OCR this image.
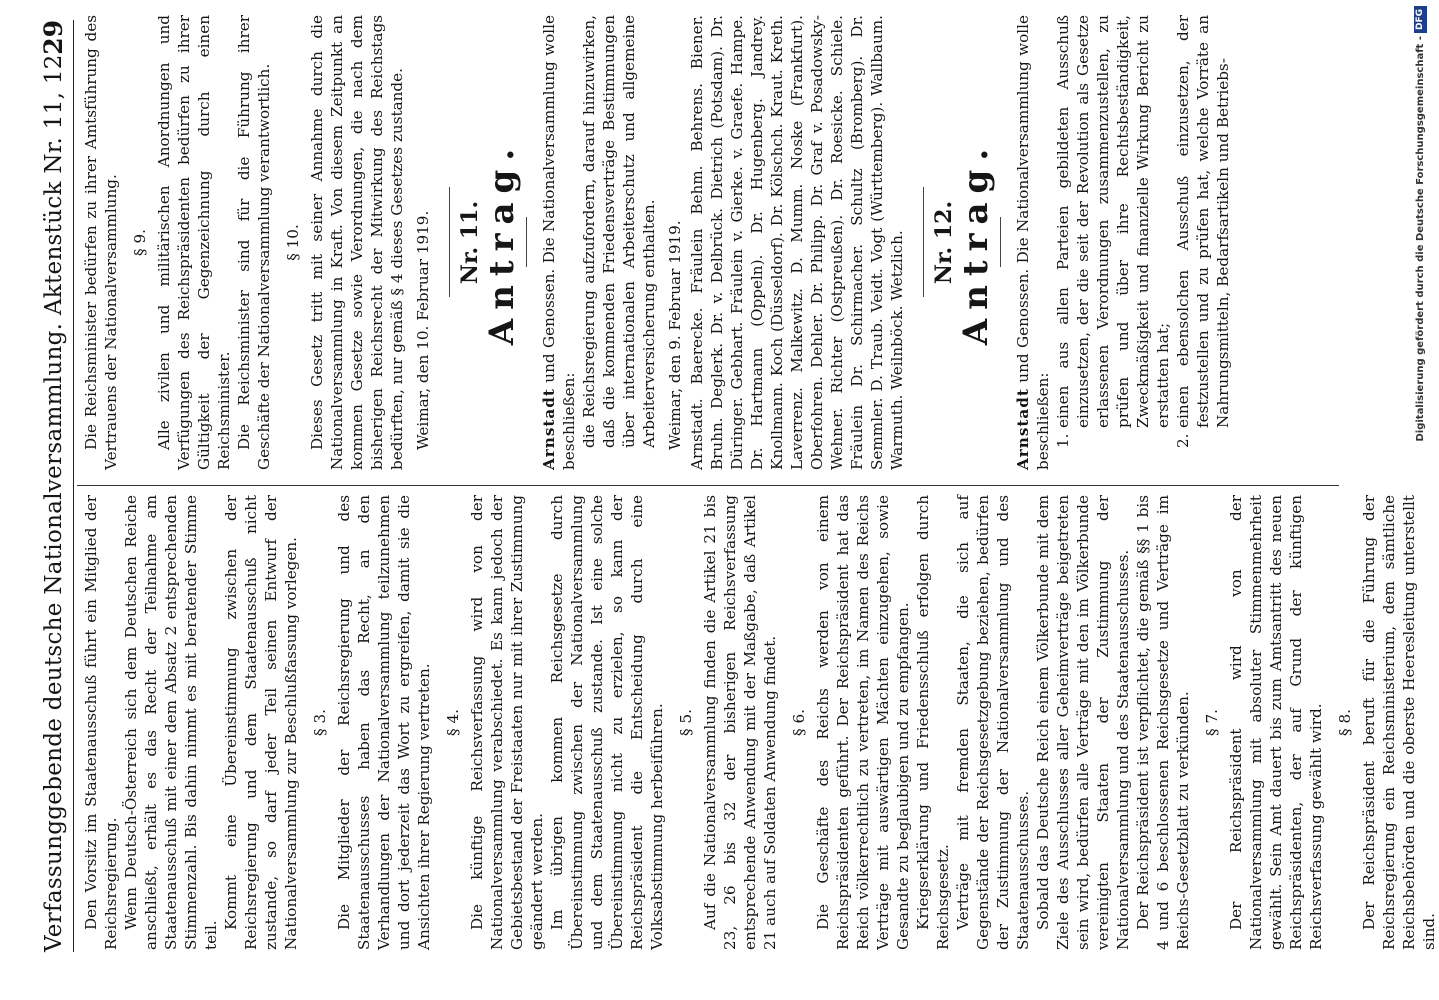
Verfassunggebende deutsche Nationalversammlung. Aktenstück Nr. 11, 12.
29

Den Vorsitz im Staatenausschuß führt ein Mitglied der Reichsregierung. Wenn Deutsch-Österreich sich dem Deutschen Reiche anschließt, erhält es das Recht der Teilnahme am Staatenausschuß mit einer dem Absatz 2 entsprechenden Stimmenzahl. Bis dahin nimmt es mit beratender Stimme teil.

Kommt eine Übereinstimmung zwischen der Reichsregierung und dem Staatenausschuß nicht zustande, so darf jeder Teil seinen Entwurf der Nationalversammlung zur Beschlußfassung vorlegen. § 3. Die Mitglieder der Reichsregierung und des Staatenausschusses haben das Recht, an den Verhandlungen der Nationalversammlung teilzunehmen und dort jederzeit das Wort zu ergreifen, damit sie die Ansichten ihrer Regierung vertreten. § 4. Die künftige Reichsverfassung wird von der Nationalversammlung verabschiedet. Es kann jedoch der Gebietsbestand der Freistaaten nur mit ihrer Zustimmung geändert werden. Im übrigen kommen Reichsgesetze durch Übereinstimmung zwischen der Nationalversammlung und dem Staatenausschuß zustande. Ist eine solche Übereinstimmung nicht zu erzielen, so kann der Reichspräsident die Entscheidung durch eine Volksabstimmung herbeiführen. § 5. Auf die Nationalversammlung finden die Artikel 21 bis 23, 26 bis 32 der bisherigen Reichsverfassung entsprechende Anwendung mit der Maßgabe, daß Artikel 21 auch auf Soldaten Anwendung findet. § 6. Die Geschäfte des Reichs werden von einem Reichspräsidenten geführt. Der Reichspräsident hat das Reich völkerrechtlich zu vertreten, im Namen des Reichs Verträge mit auswärtigen Mächten einzugehen, sowie Gesandte zu beglaubigen und zu empfangen. Kriegserklärung und Friedensschluß erfolgen durch Reichsgesetz. Verträge mit fremden Staaten, die sich auf Gegenstände der Reichsgesetzgebung beziehen, bedürfen der Zustimmung der Nationalversammlung und des Staatenausschusses. Sobald das Deutsche Reich einem Völkerbunde mit dem Ziele des Ausschlusses aller Geheimverträge beigetreten sein wird, bedürfen alle Verträge mit den im Völkerbunde vereinigten Staaten der Zustimmung der Nationalversammlung und des Staatenausschusses. Der Reichspräsident ist verpflichtet, die gemäß §§ 1 bis 4 und 6 beschlossenen Reichsgesetze und Verträge im Reichs-Gesetzblatt zu verkünden. § 7. Der Reichspräsident wird von der Nationalversammlung mit absoluter Stimmenmehrheit gewählt. Sein Amt dauert bis zum Amtsantritt des neuen Reichspräsidenten, der auf Grund der künftigen Reichsverfassung gewählt wird. § 8. Der Reichspräsident beruft für die Führung der Reichsregierung ein Reichsministerium, dem sämtliche Reichsbehörden und die oberste Heeresleitung unterstellt sind.

Die Reichsminister bedürfen zu ihrer Amtsführung des Vertrauens der Nationalversammlung. § 9. Alle zivilen und militärischen Anordnungen und Verfügungen des Reichspräsidenten bedürfen zu ihrer Gültigkeit der Gegenzeichnung durch einen Reichsminister. Die Reichsminister sind für die Führung ihrer Geschäfte der Nationalversammlung verantwortlich. § 10. Dieses Gesetz tritt mit seiner Annahme durch die Nationalversammlung in Kraft. Von diesem Zeitpunkt an kommen Gesetze sowie Verordnungen, die nach dem bisherigen Reichsrecht der Mitwirkung des Reichstags bedürften, nur gemäß § 4 dieses Gesetzes zustande. Weimar, den 10. Februar 1919. Nr. 11. Antrag.

Arnstadt und Genossen. Die Nationalversammlung wolle beschließen: die Reichsregierung aufzufordern, darauf hinzuwirken, daß die kommenden Friedensverträge Bestimmungen über internationalen Arbeiterschutz und allgemeine Arbeiterversicherung enthalten. Weimar, den 9. Februar 1919. Arnstadt. Baerecke. Fräulein Behm. Behrens. Biener. Bruhn. Deglerk. Dr. v. Delbrück. Dietrich (Potsdam). Dr. Düringer. Gebhart. Fräulein v. Gierke. v. Graefe. Hampe. Dr. Hartmann (Oppeln). Dr. Hugenberg. Jandrey. Knollmann. Koch (Düsseldorf). Dr. Kölschch. Kraut. Kreth. Laverrenz. Malkewitz. D. Mumm. Noske (Frankfurt). Oberfohren. Dehler. Dr. Philipp. Dr. Graf v. Posadowsky-Wehner. Richter (Ostpreußen). Dr. Roesicke. Schiele. Fräulein Dr. Schirmacher. Schultz (Bromberg). Dr. Semmler. D. Traub. Veidt. Vogt (Württemberg). Wallbaum. Warmuth. Weilnböck. Wetzlich. Nr. 12. Antrag.

Arnstadt und Genossen. Die Nationalversammlung wolle beschließen: 1.
einen aus allen Parteien gebildeten Ausschuß einzusetzen, der die seit der Revolution als Gesetze erlassenen Verordnungen zusammenzustellen, zu prüfen und über ihre Rechtsbeständigkeit, Zweckmäßigkeit und finanzielle Wirkung Bericht zu erstatten hat;
2.
einen ebensolchen Ausschuß einzusetzen, der festzustellen und zu prüfen hat, welche Vorräte an Nahrungsmitteln, Bedarfsartikeln und Betriebs-	Digitalisierung gefördert durch die Deutsche Forschungsgemeinschaft -DFG
